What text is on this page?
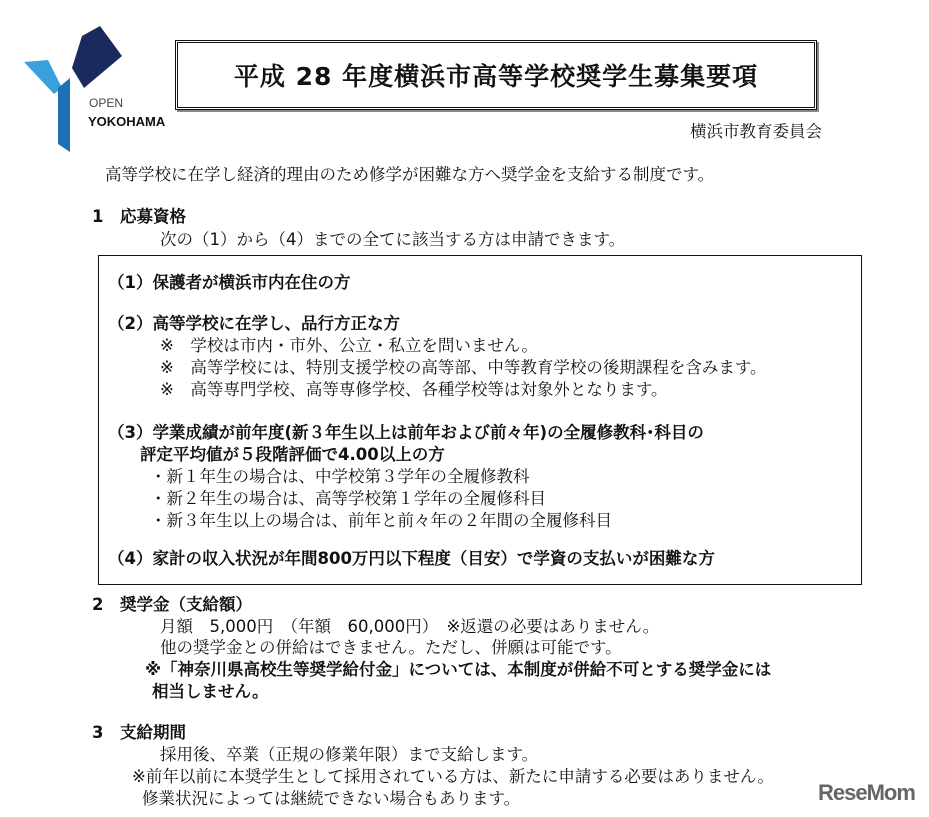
OPEN
YOKOHAMA
平成 28 年度横浜市高等学校奨学生募集要項
横浜市教育委員会
高等学校に在学し経済的理由のため修学が困難な方へ奨学金を支給する制度です。
1　応募資格
次の（1）から（4）までの全てに該当する方は申請できます。
（1）保護者が横浜市内在住の方
（2）高等学校に在学し、品行方正な方
※　学校は市内・市外、公立・私立を問いません。
※　高等学校には、特別支援学校の高等部、中等教育学校の後期課程を含みます。
※　高等専門学校、高等専修学校、各種学校等は対象外となります。
（3）学業成績が前年度(新３年生以上は前年および前々年)の全履修教科･科目の
評定平均値が５段階評価で4.00以上の方
・新１年生の場合は、中学校第３学年の全履修教科
・新２年生の場合は、高等学校第１学年の全履修科目
・新３年生以上の場合は、前年と前々年の２年間の全履修科目
（4）家計の収入状況が年間800万円以下程度（目安）で学資の支払いが困難な方
2　奨学金（支給額）
月額　5,000円　（年額　60,000円）　※返還の必要はありません。
他の奨学金との併給はできません。ただし、併願は可能です。
※「神奈川県高校生等奨学給付金」については、本制度が併給不可とする奨学金には
相当しません。
3　支給期間
採用後、卒業（正規の修業年限）まで支給します。
※前年以前に本奨学生として採用されている方は、新たに申請する必要はありません。
修業状況によっては継続できない場合もあります。	ReseMom
